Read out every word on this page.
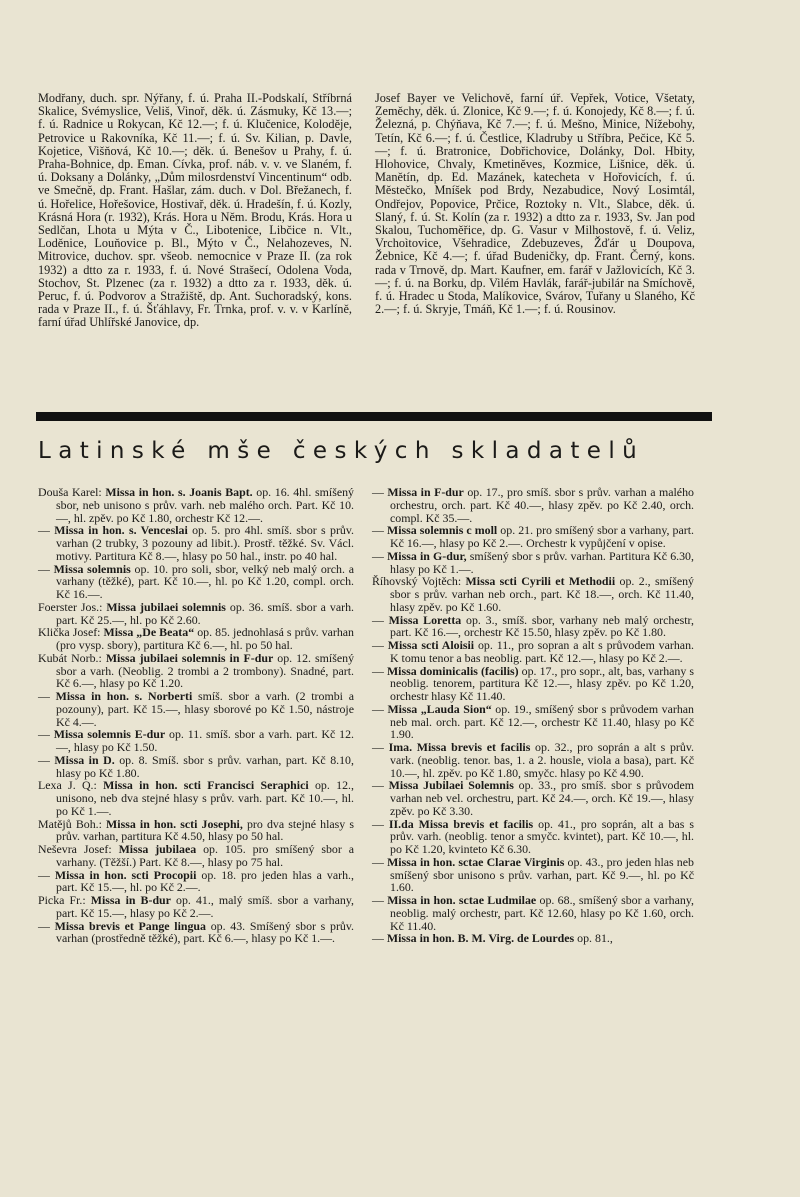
Modřany, duch. spr. Nýřany, f. ú. Praha II.-Podskalí, Stříbrná Skalice, Svémyslice, Veliš, Vinoř, děk. ú. Zásmuky, Kč 13.—; f. ú. Radnice u Rokycan, Kč 12.—; f. ú. Klučenice, Koloděje, Petrovice u Rakovníka, Kč 11.—; f. ú. Sv. Kilian, p. Davle, Kojetice, Višňová, Kč 10.—; děk. ú. Benešov u Prahy, f. ú. Praha-Bohnice, dp. Eman. Cívka, prof. náb. v. v. ve Slaném, f. ú. Doksany a Dolánky, „Dům milosrdenství Vincentinum“ odb. ve Smečně, dp. Frant. Hašlar, zám. duch. v Dol. Břežanech, f. ú. Hořelice, Hořešovice, Hostivař, děk. ú. Hradešín, f. ú. Kozly, Krásná Hora (r. 1932), Krás. Hora u Něm. Brodu, Krás. Hora u Sedlčan, Lhota u Mýta v Č., Libotenice, Libčice n. Vlt., Loděnice, Louňovice p. Bl., Mýto v Č., Nelahozeves, N. Mitrovice, duchov. spr. všeob. nemocnice v Praze II. (za rok 1932) a dtto za r. 1933, f. ú. Nové Strašecí, Odolena Voda, Stochov, St. Plzenec (za r. 1932) a dtto za r. 1933, děk. ú. Peruc, f. ú. Podvorov a Stražiště, dp. Ant. Suchoradský, kons. rada v Praze II., f. ú. Šťáhlavy, Fr. Trnka, prof. v. v. v Karlíně, farní úřad Uhlířské Janovice, dp.

Josef Bayer ve Velichově, farní úř. Vepřek, Votice, Všetaty, Zeměchy, děk. ú. Zlonice, Kč 9.—; f. ú. Konojedy, Kč 8.—; f. ú. Železná, p. Chýňava, Kč 7.—; f. ú. Mešno, Minice, Nížebohy, Tetín, Kč 6.—; f. ú. Čestlice, Kladruby u Stříbra, Pečice, Kč 5.—; f. ú. Bratronice, Dobřichovice, Dolánky, Dol. Hbity, Hlohovice, Chvaly, Kmetiněves, Kozmice, Lišnice, děk. ú. Manětín, dp. Ed. Mazánek, katecheta v Hořovicích, f. ú. Městečko, Mníšek pod Brdy, Nezabudice, Nový Losimtál, Ondřejov, Popovice, Prčice, Roztoky n. Vlt., Slabce, děk. ú. Slaný, f. ú. St. Kolín (za r. 1932) a dtto za r. 1933, Sv. Jan pod Skalou, Tuchoměřice, dp. G. Vasur v Milhostově, f. ú. Veliz, Vrchoìtovice, Všehradice, Zdebuzeves, Žďár u Doupova, Žebnice, Kč 4.—; f. úřad Budeničky, dp. Frant. Černý, kons. rada v Trnově, dp. Mart. Kaufner, em. farář v Jažlovicích, Kč 3.—; f. ú. na Borku, dp. Vilém Havlák, farář-jubilár na Smíchově, f. ú. Hradec u Stoda, Malíkovice, Svárov, Tuřany u Slaného, Kč 2.—; f. ú. Skryje, Tmáň, Kč 1.—; f. ú. Rousinov.

Latinské mše českých skladatelů

Douša Karel: Missa in hon. s. Joanis Bapt. op. 16. 4hl. smíšený sbor, neb unisono s prův. varh. neb malého orch. Part. Kč 10.—, hl. zpěv. po Kč 1.80, orchestr Kč 12.—.

— Missa in hon. s. Venceslai op. 5. pro 4hl. smíš. sbor s prův. varhan (2 trubky, 3 pozouny ad libit.). Prostř. těžké. Sv. Václ. motivy. Partitura Kč 8.—, hlasy po 50 hal., instr. po 40 hal.

— Missa solemnis op. 10. pro soli, sbor, velký neb malý orch. a varhany (těžké), part. Kč 10.—, hl. po Kč 1.20, compl. orch. Kč 16.—.

Foerster Jos.: Missa jubilaei solemnis op. 36. smíš. sbor a varh. part. Kč 25.—, hl. po Kč 2.60.

Klička Josef: Missa „De Beata“ op. 85. jednohlasá s prův. varhan (pro vysp. sbory), partitura Kč 6.—, hl. po 50 hal.

Kubát Norb.: Missa jubilaei solemnis in F-dur op. 12. smíšený sbor a varh. (Neoblig. 2 trombi a 2 trombony). Snadné, part. Kč 6.—, hlasy po Kč 1.20.

— Missa in hon. s. Norberti smíš. sbor a varh. (2 trombi a pozouny), part. Kč 15.—, hlasy sborové po Kč 1.50, nástroje Kč 4.—.

— Missa solemnis E-dur op. 11. smíš. sbor a varh. part. Kč 12.—, hlasy po Kč 1.50.

— Missa in D. op. 8. Smíš. sbor s prův. varhan, part. Kč 8.10, hlasy po Kč 1.80.

Lexa J. Q.: Missa in hon. scti Francisci Seraphici op. 12., unisono, neb dva stejné hlasy s prův. varh. part. Kč 10.—, hl. po Kč 1.—.

Matějů Boh.: Missa in hon. scti Josephi, pro dva stejné hlasy s prův. varhan, partitura Kč 4.50, hlasy po 50 hal.

Neševra Josef: Missa jubilaea op. 105. pro smíšený sbor a varhany. (Těžší.) Part. Kč 8.—, hlasy po 75 hal.

— Missa in hon. scti Procopii op. 18. pro jeden hlas a varh., part. Kč 15.—, hl. po Kč 2.—.

Picka Fr.: Missa in B-dur op. 41., malý smíš. sbor a varhany, part. Kč 15.—, hlasy po Kč 2.—.

— Missa brevis et Pange lingua op. 43. Smíšený sbor s prův. varhan (prostředně těžké), part. Kč 6.—, hlasy po Kč 1.—.

— Missa in F-dur op. 17., pro smíš. sbor s prův. varhan a malého orchestru, orch. part. Kč 40.—, hlasy zpěv. po Kč 2.40, orch. compl. Kč 35.—.

— Missa solemnis c moll op. 21. pro smíšený sbor a varhany, part. Kč 16.—, hlasy po Kč 2.—. Orchestr k vypůjčení v opise.

— Missa in G-dur, smíšený sbor s prův. varhan. Partitura Kč 6.30, hlasy po Kč 1.—.

Říhovský Vojtěch: Missa scti Cyrili et Methodii op. 2., smíšený sbor s prův. varhan neb orch., part. Kč 18.—, orch. Kč 11.40, hlasy zpěv. po Kč 1.60.

— Missa Loretta op. 3., smíš. sbor, varhany neb malý orchestr, part. Kč 16.—, orchestr Kč 15.50, hlasy zpěv. po Kč 1.80.

— Missa scti Aloisii op. 11., pro sopran a alt s průvodem varhan. K tomu tenor a bas neoblig. part. Kč 12.—, hlasy po Kč 2.—.

— Missa dominicalis (facilis) op. 17., pro sopr., alt, bas, varhany s neoblig. tenorem, partitura Kč 12.—, hlasy zpěv. po Kč 1.20, orchestr hlasy Kč 11.40.

— Missa „Lauda Sion“ op. 19., smíšený sbor s průvodem varhan neb mal. orch. part. Kč 12.—, orchestr Kč 11.40, hlasy po Kč 1.90.

— Ima. Missa brevis et facilis op. 32., pro soprán a alt s prův. vark. (neoblig. tenor. bas, 1. a 2. housle, viola a basa), part. Kč 10.—, hl. zpěv. po Kč 1.80, smyčc. hlasy po Kč 4.90.

— Missa Jubilaei Solemnis op. 33., pro smíš. sbor s průvodem varhan neb vel. orchestru, part. Kč 24.—, orch. Kč 19.—, hlasy zpěv. po Kč 3.30.

— II.da Missa brevis et facilis op. 41., pro soprán, alt a bas s prův. varh. (neoblig. tenor a smyčc. kvintet), part. Kč 10.—, hl. po Kč 1.20, kvinteto Kč 6.30.

— Missa in hon. sctae Clarae Virginis op. 43., pro jeden hlas neb smíšený sbor unisono s prův. varhan, part. Kč 9.—, hl. po Kč 1.60.

— Missa in hon. sctae Ludmilae op. 68., smíšený sbor a varhany, neoblig. malý orchestr, part. Kč 12.60, hlasy po Kč 1.60, orch. Kč 11.40.

— Missa in hon. B. M. Virg. de Lourdes op. 81.,
